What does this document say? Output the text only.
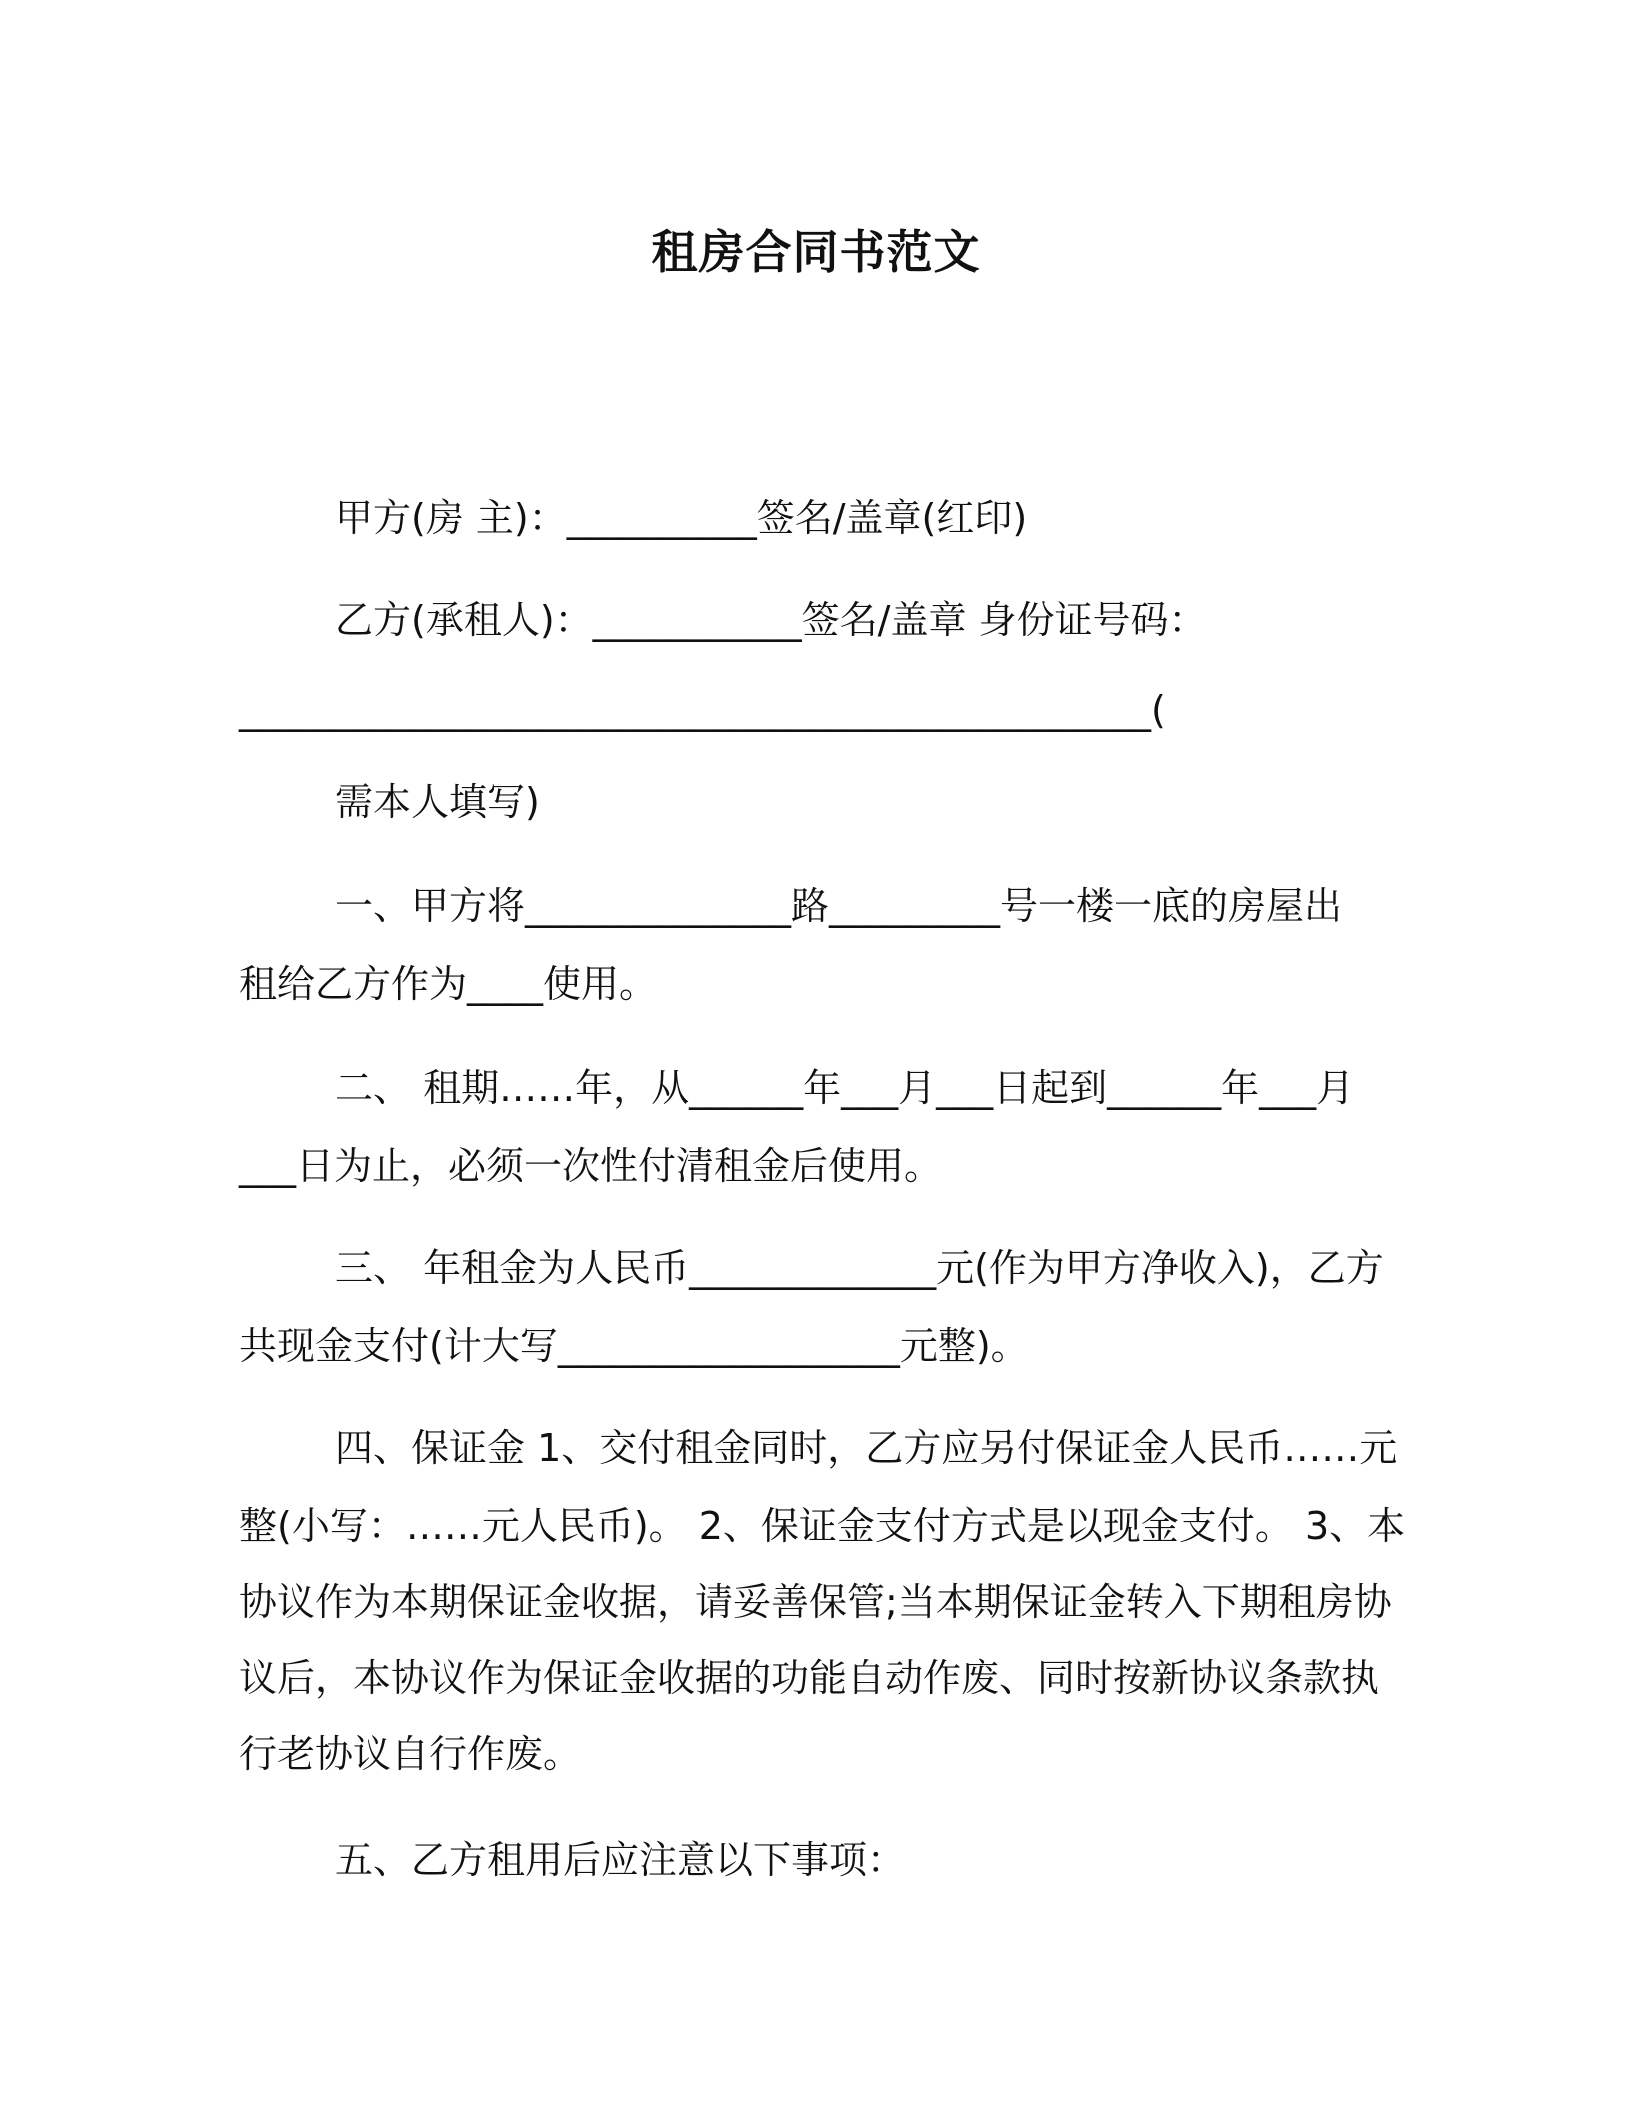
租房合同书范文
甲方(房 主)：__________签名/盖章(红印)
乙方(承租人)：___________签名/盖章 身份证号码：
________________________________________________(
需本人填写)
一、甲方将______________路_________号一楼一底的房屋出
租给乙方作为____使用。
二、 租期……年，从______年___月___日起到______年___月
___日为止，必须一次性付清租金后使用。
三、 年租金为人民币_____________元(作为甲方净收入)，乙方
共现金支付(计大写__________________元整)。
四、保证金 1、交付租金同时，乙方应另付保证金人民币……元
整(小写：……元人民币)。 2、保证金支付方式是以现金支付。 3、本
协议作为本期保证金收据，请妥善保管;当本期保证金转入下期租房协
议后，本协议作为保证金收据的功能自动作废、同时按新协议条款执
行老协议自行作废。
五、乙方租用后应注意以下事项：
